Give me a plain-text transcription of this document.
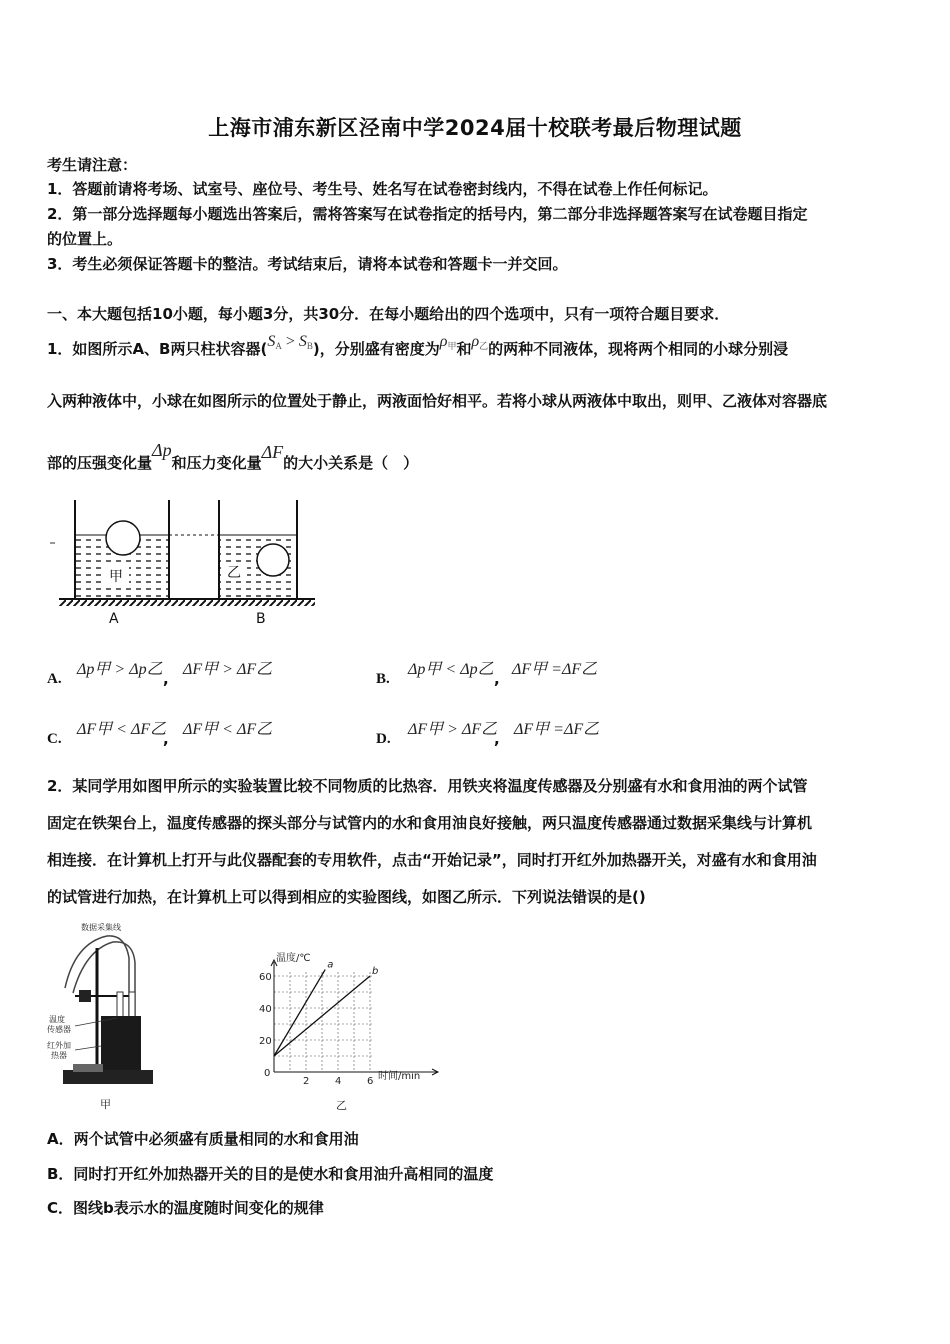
上海市浦东新区泾南中学2024届十校联考最后物理试题
考生请注意：
1．答题前请将考场、试室号、座位号、考生号、姓名写在试卷密封线内，不得在试卷上作任何标记。
2．第一部分选择题每小题选出答案后，需将答案写在试卷指定的括号内，第二部分非选择题答案写在试卷题目指定
的位置上。
3．考生必须保证答题卡的整洁。考试结束后，请将本试卷和答题卡一并交回。
一、本大题包括10小题，每小题3分，共30分．在每小题给出的四个选项中，只有一项符合题目要求．
1．如图所示A、B两只柱状容器$(S_A > S_B)$，分别盛有密度为$\rho_甲$和$\rho_乙$的两种不同液体，现将两个相同的小球分别浸
入两种液体中，小球在如图所示的位置处于静止，两液面恰好相平。若将小球从两液体中取出，则甲、乙液体对容器底
部的压强变化量Δp和压力变化量ΔF的大小关系是（　）
甲	乙
A	B
A.
Δp甲 > Δp乙
,
ΔF甲 > ΔF乙
B.
Δp甲 < Δp乙
,
ΔF甲 =ΔF乙
C.
ΔF甲 < ΔF乙
,
ΔF甲 < ΔF乙
D.
ΔF甲 > ΔF乙
,
ΔF甲 =ΔF乙
2．某同学用如图甲所示的实验装置比较不同物质的比热容．用铁夹将温度传感器及分别盛有水和食用油的两个试管
固定在铁架台上，温度传感器的探头部分与试管内的水和食用油良好接触，两只温度传感器通过数据采集线与计算机
相连接．在计算机上打开与此仪器配套的专用软件，点击“开始记录”，同时打开红外加热器开关，对盛有水和食用油
的试管进行加热，在计算机上可以得到相应的实验图线，如图乙所示．下列说法错误的是()
数据采集线
温度
传感器
红外加
热器
甲
2	4	6
20
40
60
0
a
b
温度/℃
时间/min
乙
A．两个试管中必须盛有质量相同的水和食用油
B．同时打开红外加热器开关的目的是使水和食用油升高相同的温度
C．图线b表示水的温度随时间变化的规律
